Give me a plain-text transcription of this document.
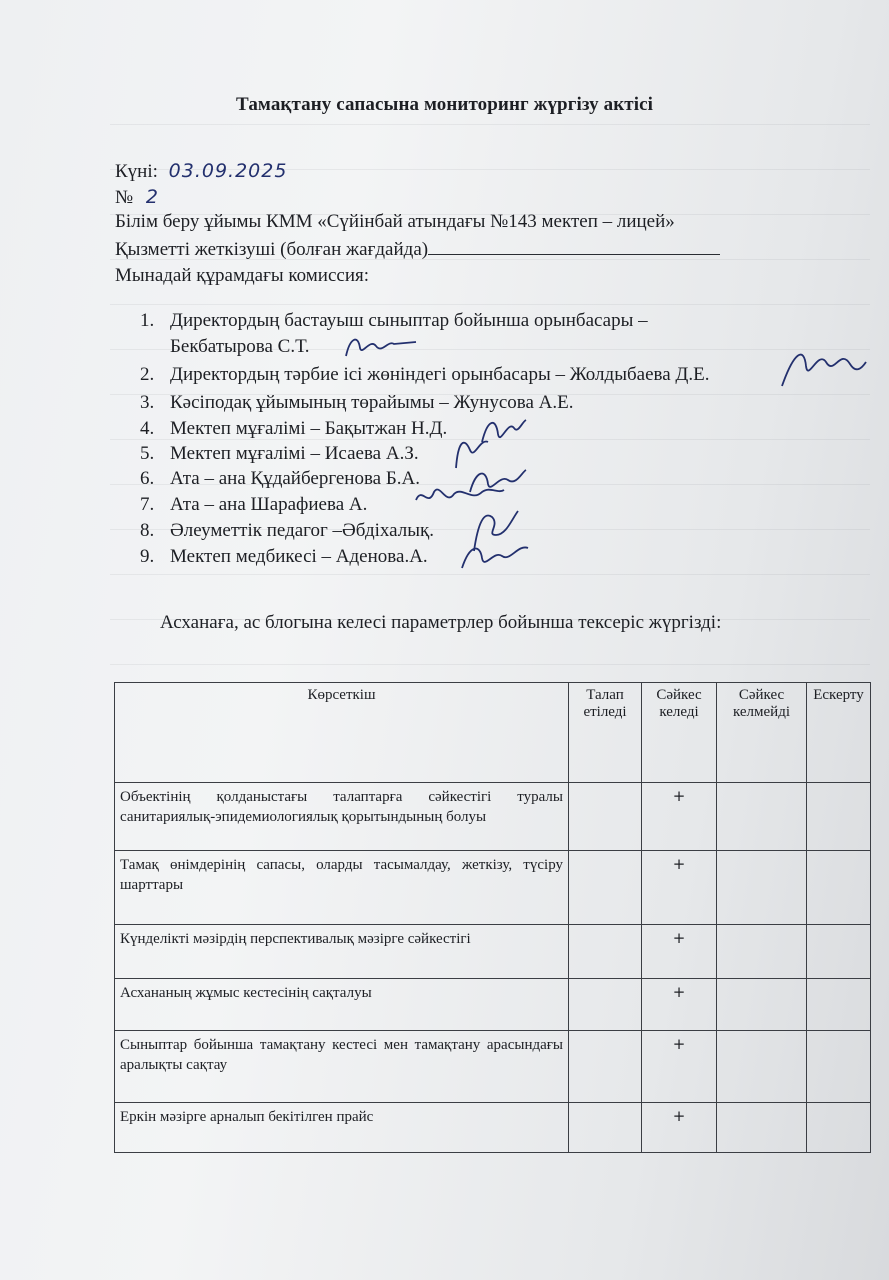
Тамақтану сапасына мониторинг жүргізу актісі
Күні: 03.09.2025
№ 2
Білім беру ұйымы КММ «Сүйінбай атындағы №143 мектеп – лицей»
Қызметті жеткізуші (болған жағдайда)
Мынадай құрамдағы комиссия:
1. Директордың бастауыш сыныптар бойынша орынбасары –
Бекбатырова С.Т.
2. Директордың тәрбие ісі жөніндегі орынбасары – Жолдыбаева Д.Е.
3. Кәсіподақ ұйымының төрайымы – Жунусова А.Е.
4. Мектеп мұғалімі – Бақытжан Н.Д.
5. Мектеп мұғалімі – Исаева А.З.
6. Ата – ана Құдайбергенова Б.А.
7. Ата – ана Шарафиева А.
8. Әлеуметтік педагог –Әбдіхалық.
9. Мектеп медбикесі – Аденова.А.
Асханаға, ас блогына келесі параметрлер бойынша тексеріс жүргізді:
Көрсеткіш	Талап етіледі	Сәйкес келеді	Сәйкес келмейді	Ескерту
Объектінің қолданыстағы талаптарға сәйкестігі туралы санитариялық-эпидемиологиялық қорытындының болуы		+		
Тамақ өнімдерінің сапасы, оларды тасымалдау, жеткізу, түсіру шарттары		+		
Күнделікті мәзірдің перспективалық мәзірге сәйкестігі		+		
Асхананың жұмыс кестесінің сақталуы		+		
Сыныптар бойынша тамақтану кестесі мен тамақтану арасындағы аралықты сақтау		+		
Еркін мәзірге арналып бекітілген прайс		+		
